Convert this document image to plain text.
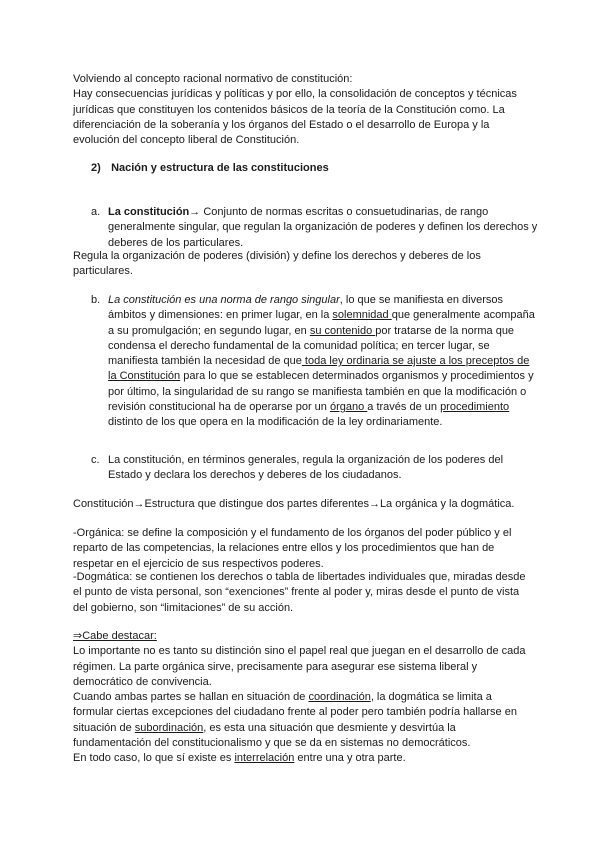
Volviendo al concepto racional normativo de constitución:
Hay consecuencias jurídicas y políticas y por ello, la consolidación de conceptos y técnicas jurídicas que constituyen los contenidos básicos de la teoría de la Constitución como. La diferenciación de la soberanía y los órganos del Estado o el desarrollo de Europa y la evolución del concepto liberal de Constitución.
2) Nación y estructura de las constituciones
a. La constitución→ Conjunto de normas escritas o consuetudinarias, de rango generalmente singular, que regulan la organización de poderes y definen los derechos y deberes de los particulares.

Regula la organización de poderes (división) y define los derechos y deberes de los particulares.

b. La constitución es una norma de rango singular, lo que se manifiesta en diversos ámbitos y dimensiones: en primer lugar, en la solemnidad que generalmente acompaña a su promulgación; en segundo lugar, en su contenido por tratarse de la norma que condensa el derecho fundamental de la comunidad política; en tercer lugar, se manifiesta también la necesidad de que toda ley ordinaria se ajuste a los preceptos de la Constitución para lo que se establecen determinados organismos y procedimientos y por último, la singularidad de su rango se manifiesta también en que la modificación o revisión constitucional ha de operarse por un órgano a través de un procedimiento distinto de los que opera en la modificación de la ley ordinariamente.
c. La constitución, en términos generales, regula la organización de los poderes del Estado y declara los derechos y deberes de los ciudadanos.

Constitución→Estructura que distingue dos partes diferentes→La orgánica y la dogmática.

-Orgánica: se define la composición y el fundamento de los órganos del poder público y el reparto de las competencias, la relaciones entre ellos y los procedimientos que han de respetar en el ejercicio de sus respectivos poderes.

-Dogmática: se contienen los derechos o tabla de libertades individuales que, miradas desde el punto de vista personal, son “exenciones” frente al poder y, miras desde el punto de vista del gobierno, son “limitaciones” de su acción.

⇒Cabe destacar:
Lo importante no es tanto su distinción sino el papel real que juegan en el desarrollo de cada régimen. La parte orgánica sirve, precisamente para asegurar ese sistema liberal y democrático de convivencia.
Cuando ambas partes se hallan en situación de coordinación, la dogmática se limita a formular ciertas excepciones del ciudadano frente al poder pero también podría hallarse en situación de subordinación, es esta una situación que desmiente y desvirtúa la fundamentación del constitucionalismo y que se da en sistemas no democráticos.
En todo caso, lo que sí existe es interrelación entre una y otra parte.
